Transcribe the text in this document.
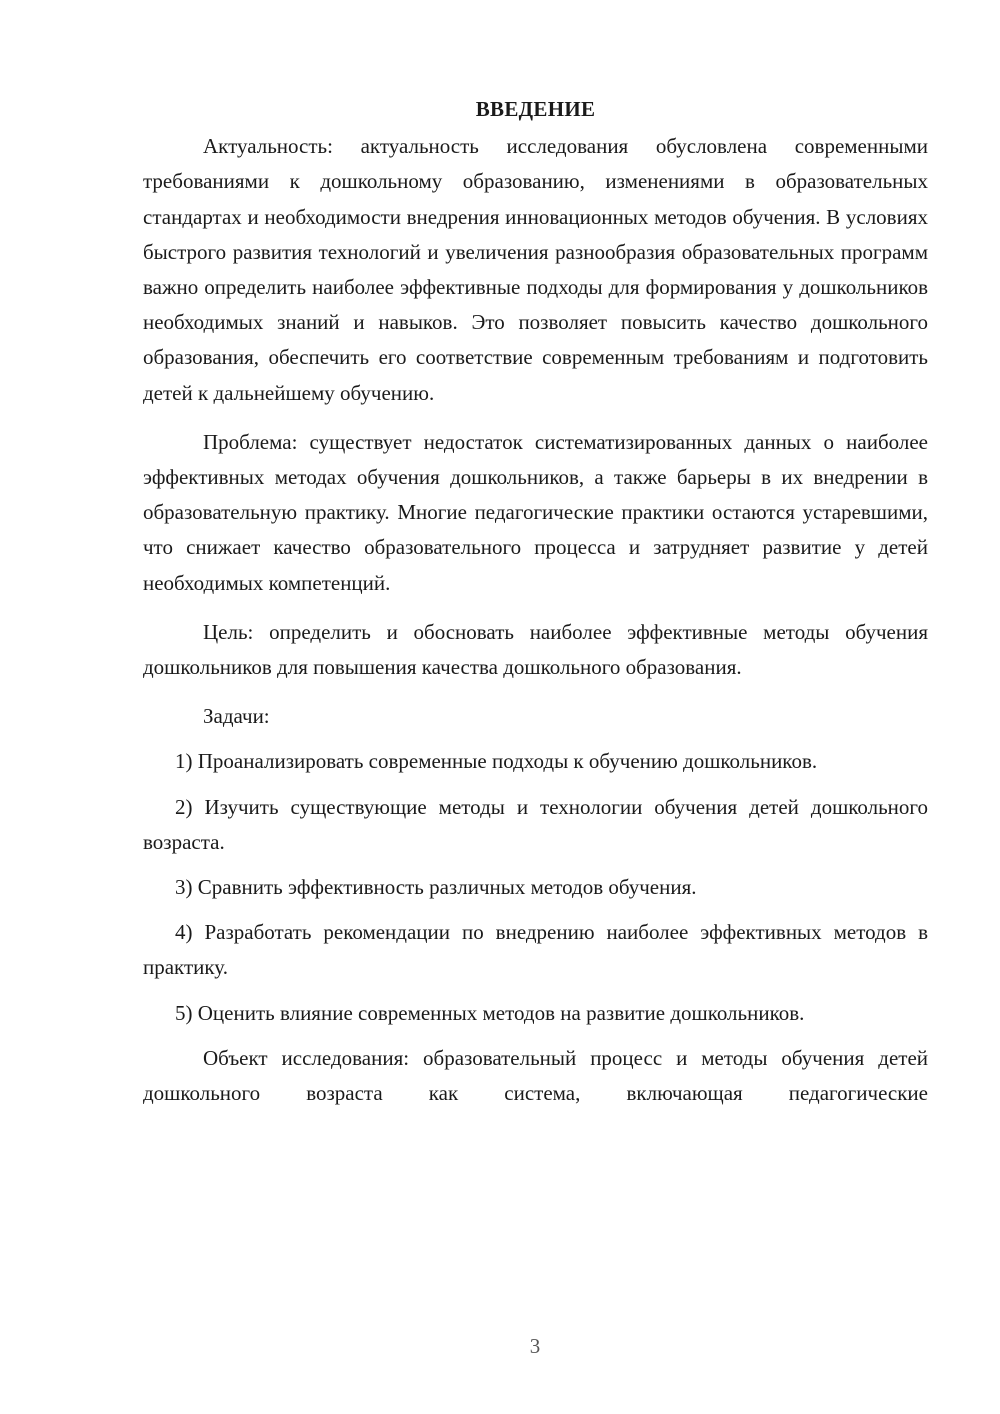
ВВЕДЕНИЕ

Актуальность: актуальность исследования обусловлена современными требованиями к дошкольному образованию, изменениями в образовательных стандартах и необходимости внедрения инновационных методов обучения. В условиях быстрого развития технологий и увеличения разнообразия образовательных программ важно определить наиболее эффективные подходы для формирования у дошкольников необходимых знаний и навыков. Это позволяет повысить качество дошкольного образования, обеспечить его соответствие современным требованиям и подготовить детей к дальнейшему обучению.

Проблема: существует недостаток систематизированных данных о наиболее эффективных методах обучения дошкольников, а также барьеры в их внедрении в образовательную практику. Многие педагогические практики остаются устаревшими, что снижает качество образовательного процесса и затрудняет развитие у детей необходимых компетенций.

Цель: определить и обосновать наиболее эффективные методы обучения дошкольников для повышения качества дошкольного образования.

Задачи:

1) Проанализировать современные подходы к обучению дошкольников.

2) Изучить существующие методы и технологии обучения детей дошкольного возраста.

3) Сравнить эффективность различных методов обучения.

4) Разработать рекомендации по внедрению наиболее эффективных методов в практику.

5) Оценить влияние современных методов на развитие дошкольников.

Объект исследования: образовательный процесс и методы обучения детей дошкольного возраста как система, включающая педагогические

3
